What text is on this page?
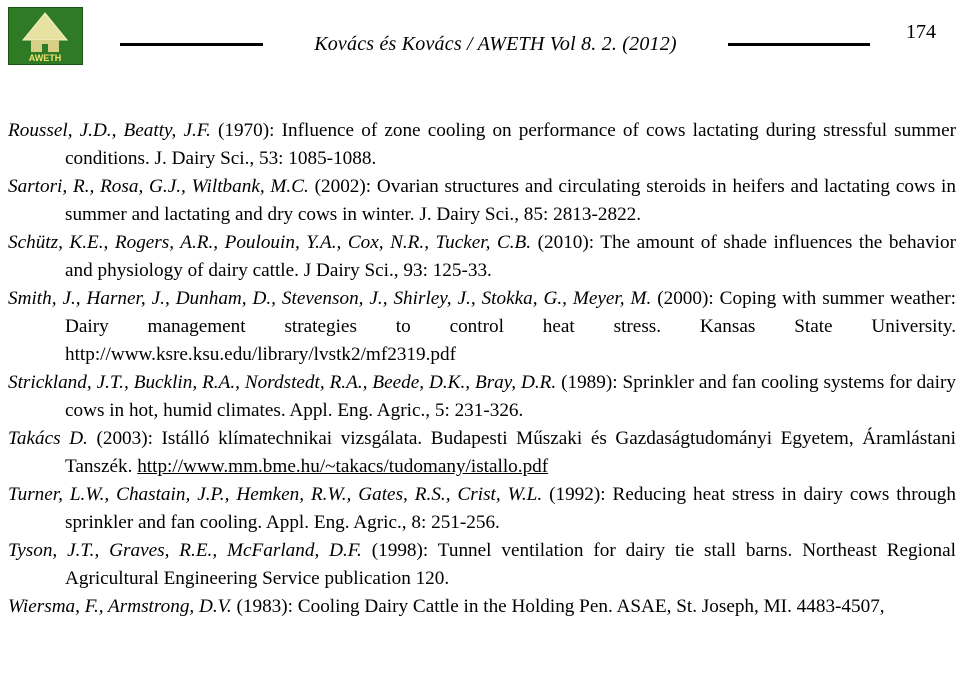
AWETH
Kovács és Kovács / AWETH Vol 8. 2. (2012)
174

Roussel, J.D., Beatty, J.F. (1970): Influence of zone cooling on performance of cows lactating during stressful summer conditions. J. Dairy Sci., 53: 1085-1088.

Sartori, R., Rosa, G.J., Wiltbank, M.C. (2002): Ovarian structures and circulating steroids in heifers and lactating cows in summer and lactating and dry cows in winter. J. Dairy Sci., 85: 2813-2822.

Schütz, K.E., Rogers, A.R., Poulouin, Y.A., Cox, N.R., Tucker, C.B. (2010): The amount of shade influences the behavior and physiology of dairy cattle. J Dairy Sci., 93: 125-33.

Smith, J., Harner, J., Dunham, D., Stevenson, J., Shirley, J., Stokka, G., Meyer, M. (2000): Coping with summer weather: Dairy management strategies to control heat stress. Kansas State University. http://www.ksre.ksu.edu/library/lvstk2/mf2319.pdf

Strickland, J.T., Bucklin, R.A., Nordstedt, R.A., Beede, D.K., Bray, D.R. (1989): Sprinkler and fan cooling systems for dairy cows in hot, humid climates. Appl. Eng. Agric., 5: 231-326.

Takács D. (2003): Istálló klímatechnikai vizsgálata. Budapesti Műszaki és Gazdaságtudományi Egyetem, Áramlástani Tanszék. http://www.mm.bme.hu/~takacs/tudomany/istallo.pdf

Turner, L.W., Chastain, J.P., Hemken, R.W., Gates, R.S., Crist, W.L. (1992): Reducing heat stress in dairy cows through sprinkler and fan cooling. Appl. Eng. Agric., 8: 251-256.

Tyson, J.T., Graves, R.E., McFarland, D.F. (1998): Tunnel ventilation for dairy tie stall barns. Northeast Regional Agricultural Engineering Service publication 120.

Wiersma, F., Armstrong, D.V. (1983): Cooling Dairy Cattle in the Holding Pen. ASAE, St. Joseph, MI. 4483-4507,
